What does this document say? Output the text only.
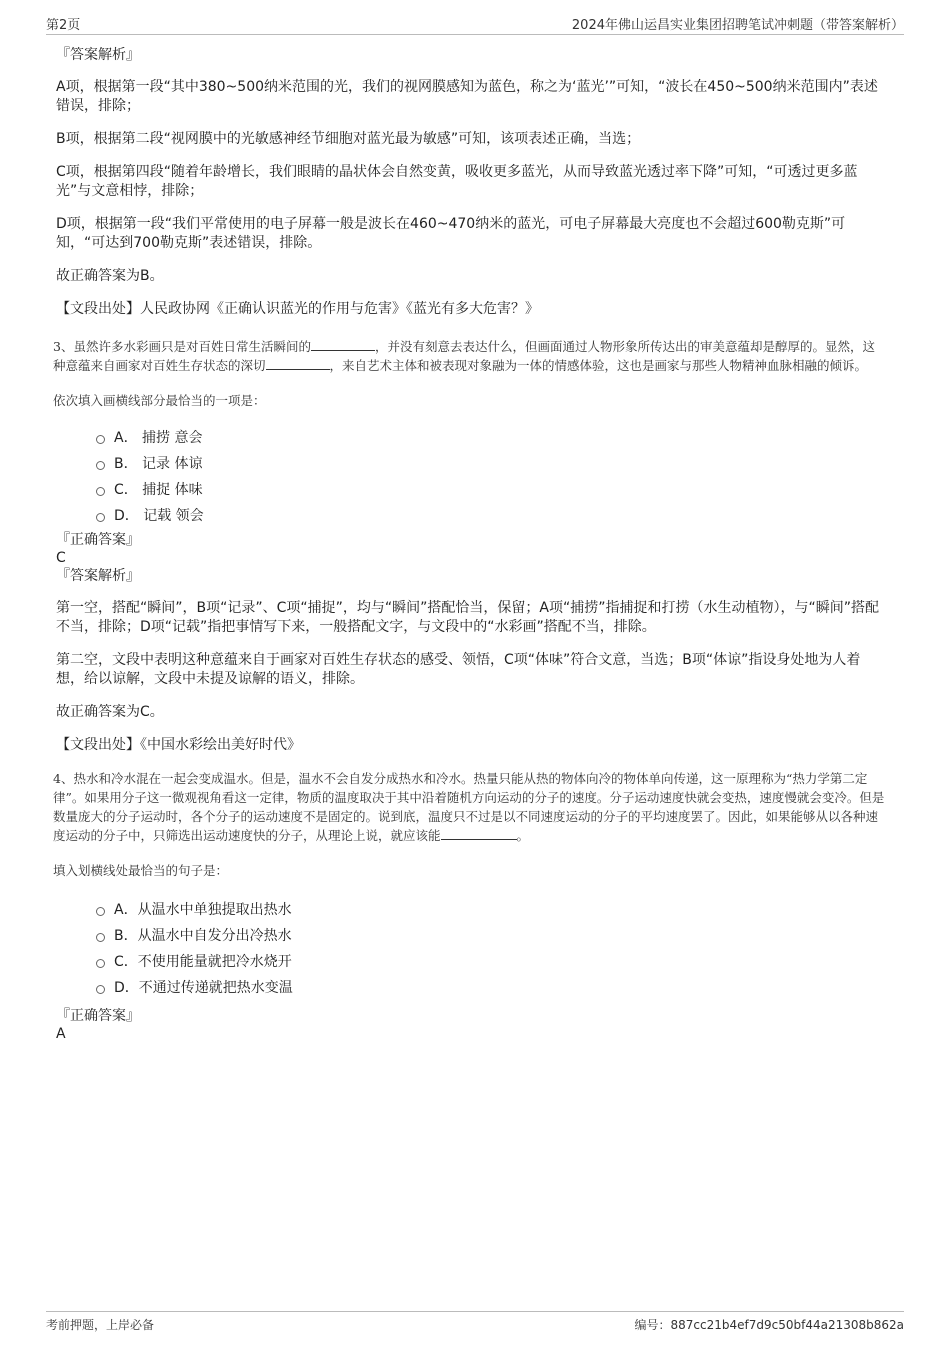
第2页	2024年佛山运昌实业集团招聘笔试冲刺题（带答案解析）
『答案解析』
A项，根据第一段“其中380~500纳米范围的光，我们的视网膜感知为蓝色，称之为‘蓝光’”可知，“波长在450~500纳米范围内”表述错误，排除；
B项，根据第二段“视网膜中的光敏感神经节细胞对蓝光最为敏感”可知，该项表述正确，当选；
C项，根据第四段“随着年龄增长，我们眼睛的晶状体会自然变黄，吸收更多蓝光，从而导致蓝光透过率下降”可知，“可透过更多蓝光”与文意相悖，排除；
D项，根据第一段“我们平常使用的电子屏幕一般是波长在460~470纳米的蓝光，可电子屏幕最大亮度也不会超过600勒克斯”可知，“可达到700勒克斯”表述错误，排除。
故正确答案为B。
【文段出处】人民政协网《正确认识蓝光的作用与危害》《蓝光有多大危害？》
3、虽然许多水彩画只是对百姓日常生活瞬间的	，并没有刻意去表达什么，但画面通过人物形象所传达出的审美意蕴却是醇厚的。显然，这种意蕴来自画家对百姓生存状态的深切	，来自艺术主体和被表现对象融为一体的情感体验，这也是画家与那些人物精神血脉相融的倾诉。
依次填入画横线部分最恰当的一项是：
A． 捕捞 意会
B． 记录 体谅
C． 捕捉 体味
D． 记载 领会
『正确答案』
C
『答案解析』
第一空，搭配“瞬间”，B项“记录”、C项“捕捉”，均与“瞬间”搭配恰当，保留；A项“捕捞”指捕捉和打捞（水生动植物），与“瞬间”搭配不当，排除；D项“记载”指把事情写下来，一般搭配文字，与文段中的“水彩画”搭配不当，排除。
第二空，文段中表明这种意蕴来自于画家对百姓生存状态的感受、领悟，C项“体味”符合文意，当选；B项“体谅”指设身处地为人着想，给以谅解，文段中未提及谅解的语义，排除。
故正确答案为C。
【文段出处】《中国水彩绘出美好时代》
4、热水和冷水混在一起会变成温水。但是，温水不会自发分成热水和冷水。热量只能从热的物体向冷的物体单向传递，这一原理称为“热力学第二定律”。如果用分子这一微观视角看这一定律，物质的温度取决于其中沿着随机方向运动的分子的速度。分子运动速度快就会变热，速度慢就会变冷。但是数量庞大的分子运动时，各个分子的运动速度不是固定的。说到底，温度只不过是以不同速度运动的分子的平均速度罢了。因此，如果能够从以各种速度运动的分子中，只筛选出运动速度快的分子，从理论上说，就应该能	。
填入划横线处最恰当的句子是：
A．从温水中单独提取出热水
B．从温水中自发分出冷热水
C．不使用能量就把冷水烧开
D．不通过传递就把热水变温
『正确答案』
A
考前押题，上岸必备	编号：887cc21b4ef7d9c50bf44a21308b862a
